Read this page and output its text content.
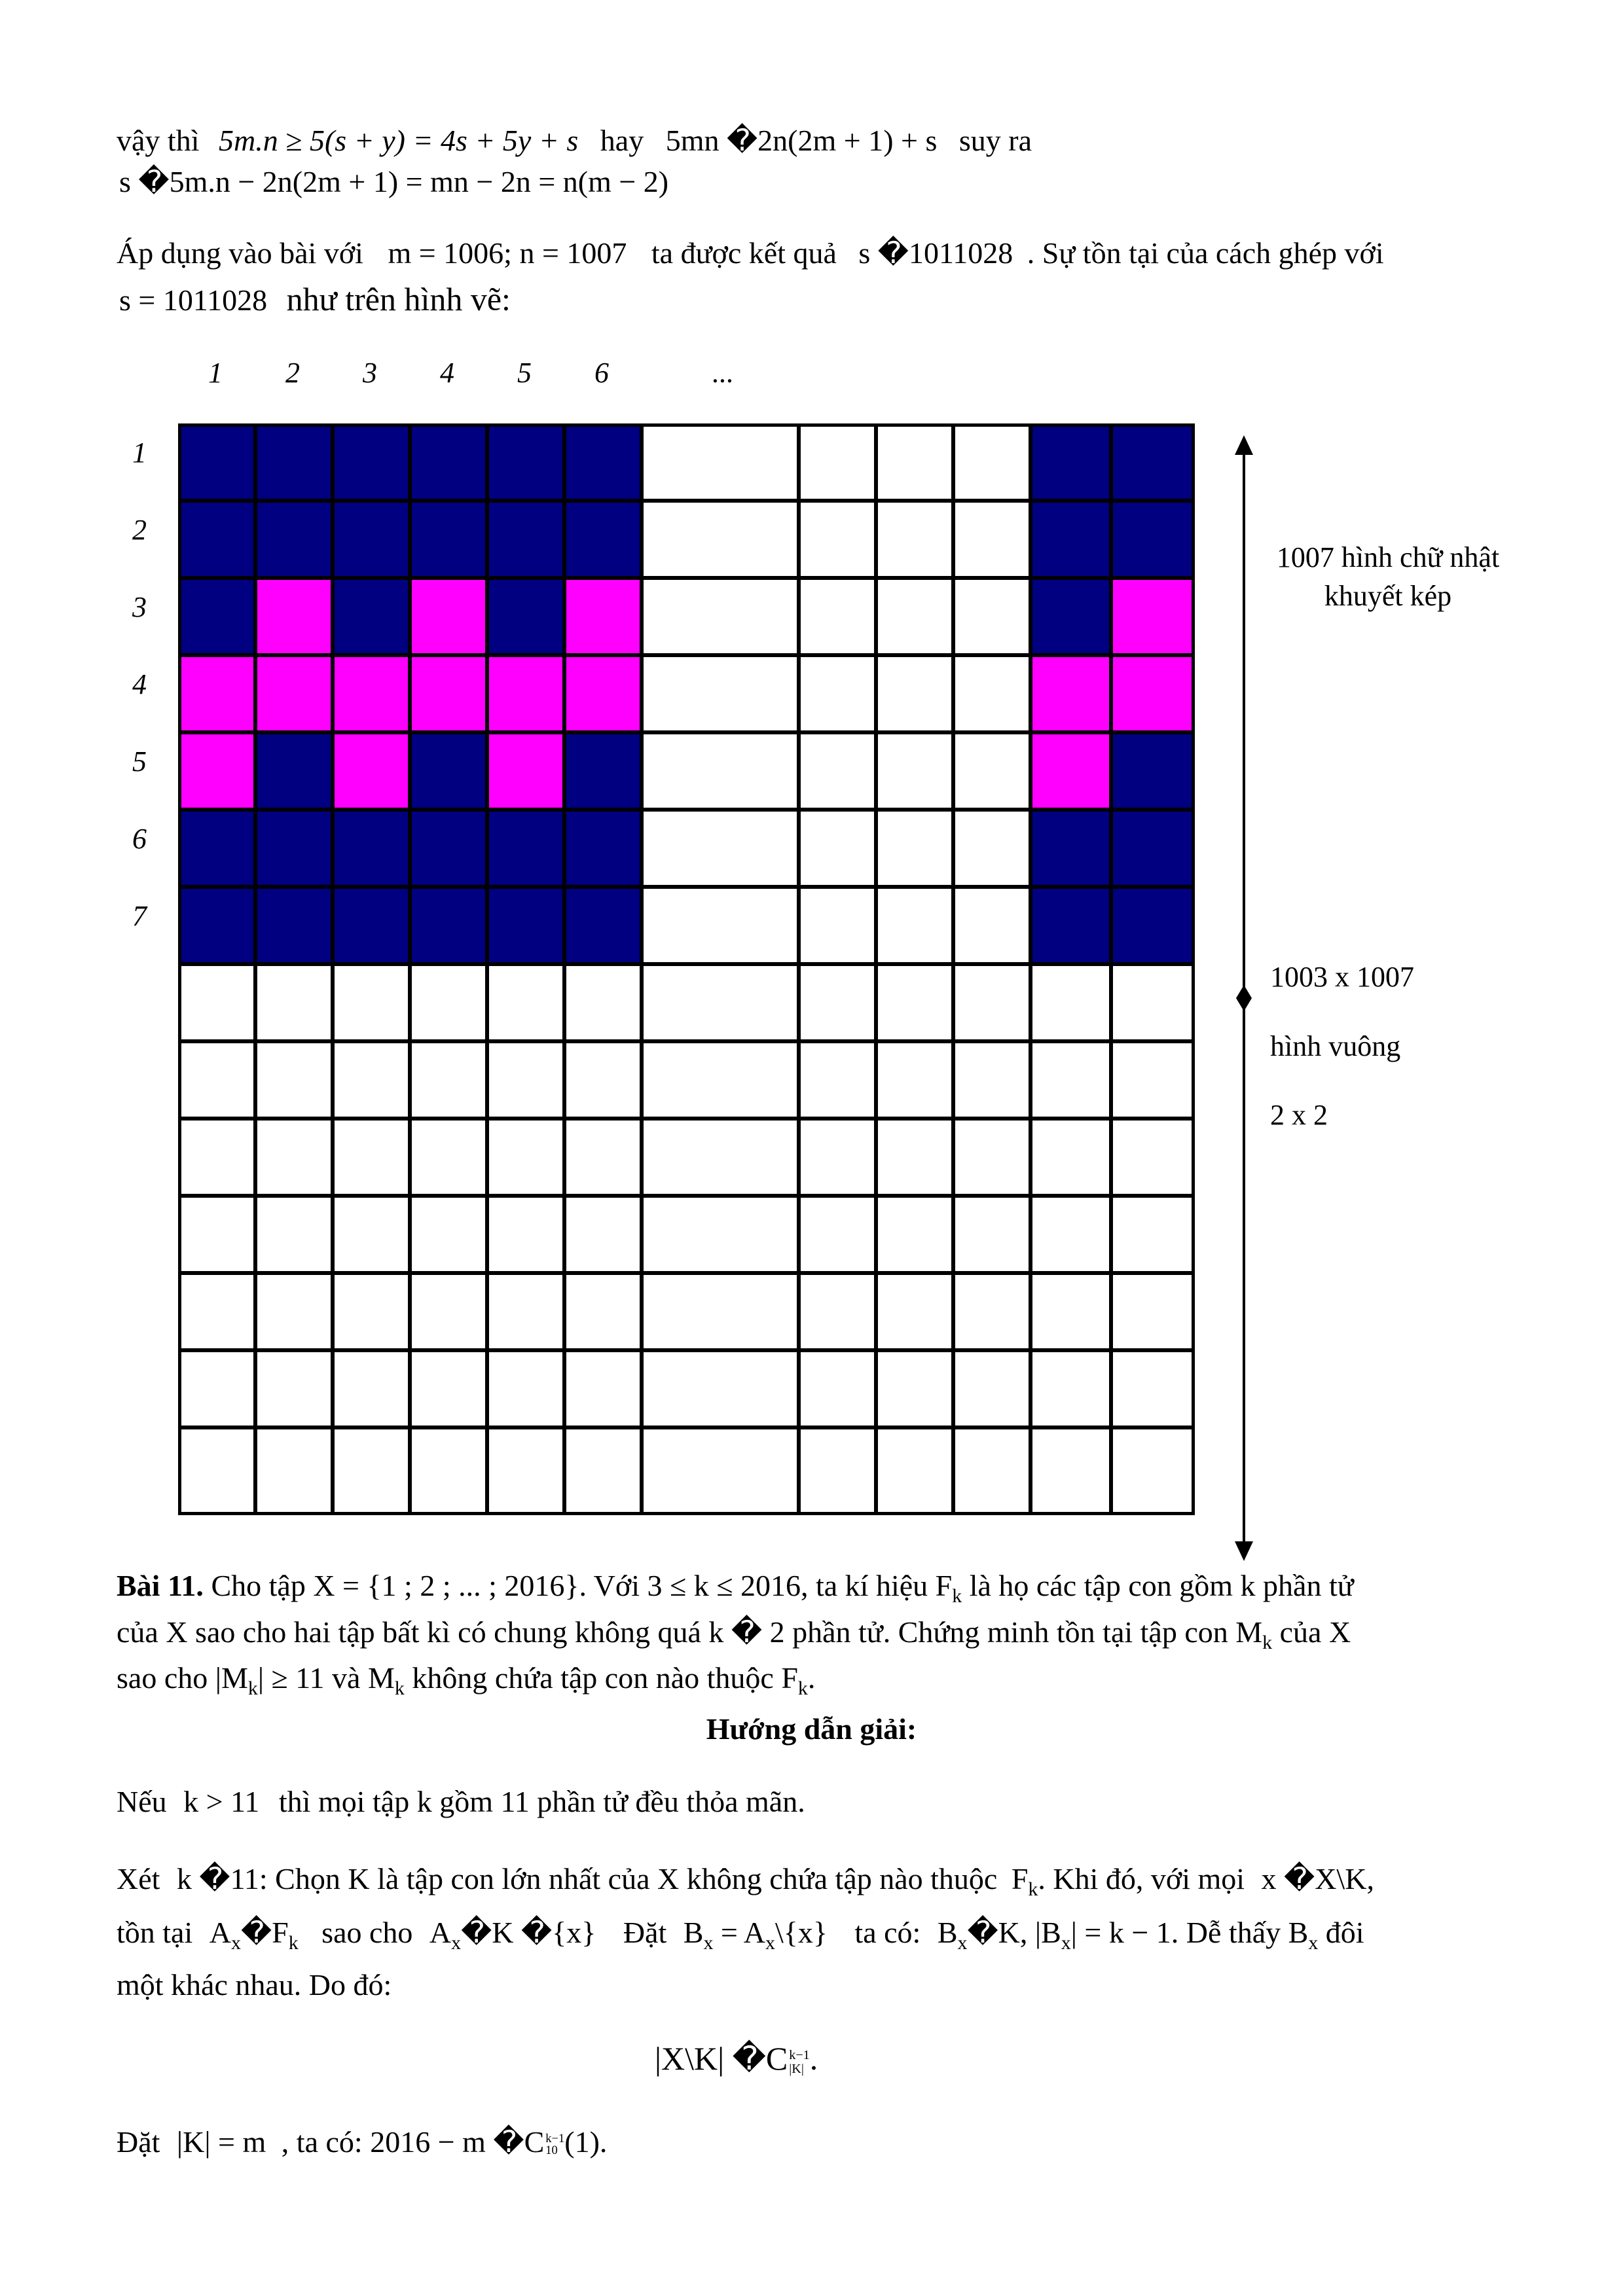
vậy thì 5m.n ≥ 5(s + y) = 4s + 5y + s hay 5mn �2n(2m + 1) + s suy ra
s �5m.n − 2n(2m + 1) = mn − 2n = n(m − 2)
Áp dụng vào bài với m = 1006; n = 1007 ta được kết quả s �1011028 . Sự tồn tại của cách ghép với
s = 1011028 như trên hình vẽ:
1 2 3 4 5 6	...
1
2
3
4
5
6
7
1007 hình chữ nhật
khuyết kép
1003 x 1007
hình vuông
2 x 2
Bài 11. Cho tập X = {1 ; 2 ; ... ; 2016}. Với 3 ≤ k ≤ 2016, ta kí hiệu $F_k$ là họ các tập con gồm k phần tử
của X sao cho hai tập bất kì có chung không quá k � 2 phần tử. Chứng minh tồn tại tập con $M_k$ của X
sao cho $|M_k| \ge 11$ và $M_k$ không chứa tập con nào thuộc $F_k$.
Hướng dẫn giải:
Nếu k > 11 thì mọi tập k gồm 11 phần tử đều thỏa mãn.
Xét k �11: Chọn K là tập con lớn nhất của X không chứa tập nào thuộc $F_k$. Khi đó, với mọi x �X\K,
tồn tại $A_x�F_k$ sao cho $A_x�K$ �{x} Đặt $B_x$ = $A_x\backslash\{x\}$ ta có: $B_x�K$, $|B_x| = k - 1$. Dễ thấy $B_x$ đôi
một khác nhau. Do đó:
|X\K| �C k−1
|K| .
Đặt |K| = m , ta có: 2016 − m �C k−1
10 (1).
